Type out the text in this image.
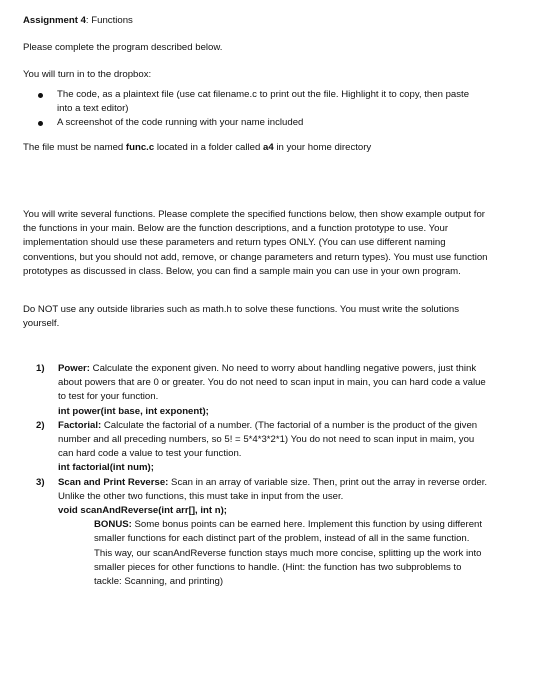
Assignment 4: Functions

Please complete the program described below.

You will turn in to the dropbox:

The code, as a plaintext file (use cat filename.c to print out the file. Highlight it to copy, then paste into a text editor)
A screenshot of the code running with your name included

The file must be named func.c located in a folder called a4 in your home directory

You will write several functions. Please complete the specified functions below, then show example output for the functions in your main. Below are the function descriptions, and a function prototype to use. Your implementation should use these parameters and return types ONLY. (You can use different naming conventions, but you should not add, remove, or change parameters and return types). You must use function prototypes as discussed in class. Below, you can find a sample main you can use in your own program.

Do NOT use any outside libraries such as math.h to solve these functions. You must write the solutions yourself.

1) Power: Calculate the exponent given. No need to worry about handling negative powers, just think about powers that are 0 or greater. You do not need to scan input in main, you can hard code a value to test for your function.

int power(int base, int exponent);

2) Factorial: Calculate the factorial of a number. (The factorial of a number is the product of the given number and all preceding numbers, so 5! = 5*4*3*2*1) You do not need to scan input in maim, you can hard code a value to test your function.

int factorial(int num);

3) Scan and Print Reverse: Scan in an array of variable size. Then, print out the array in reverse order. Unlike the other two functions, this must take in input from the user.

void scanAndReverse(int arr[], int n);

BONUS: Some bonus points can be earned here. Implement this function by using different smaller functions for each distinct part of the problem, instead of all in the same function. This way, our scanAndReverse function stays much more concise, splitting up the work into smaller pieces for other functions to handle. (Hint: the function has two subproblems to tackle: Scanning, and printing)
